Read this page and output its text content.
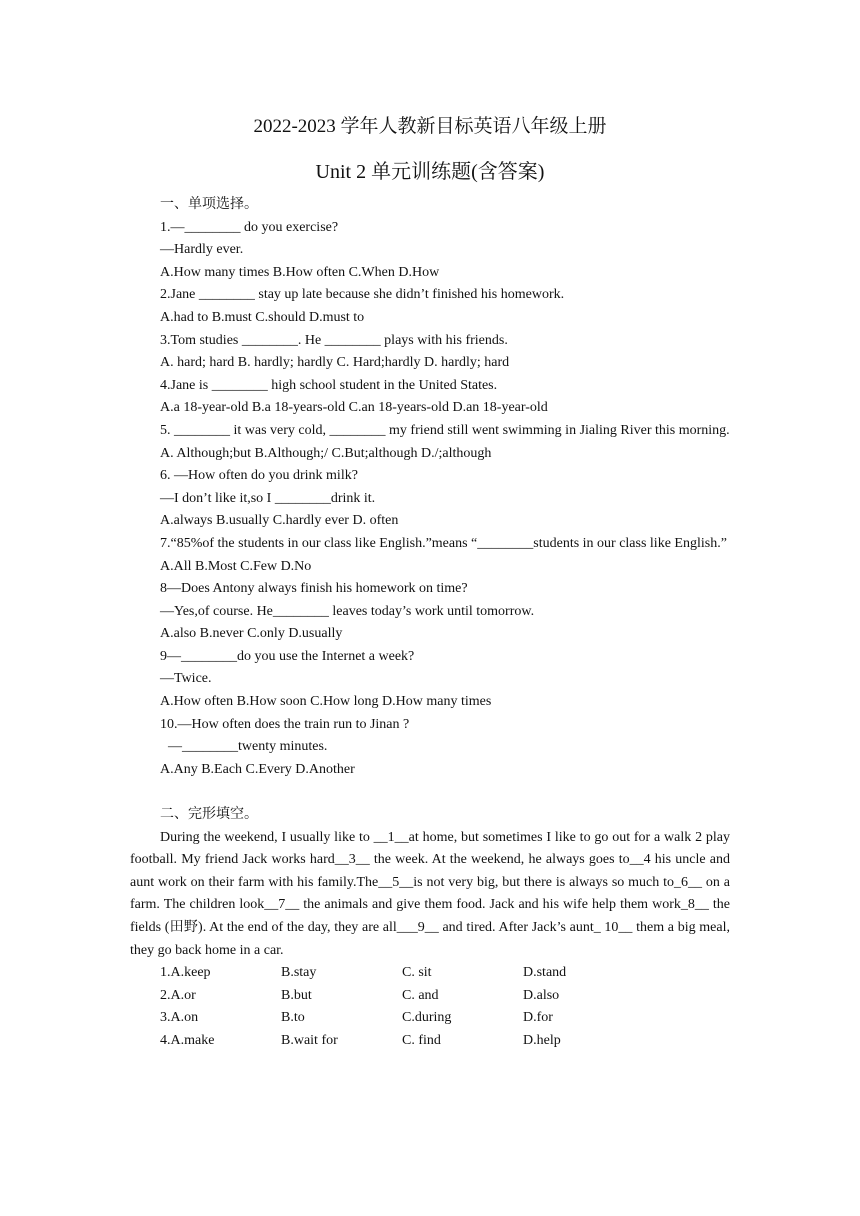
2022-2023 学年人教新目标英语八年级上册
Unit 2 单元训练题(含答案)
一、单项选择。
1.—________ do you exercise?
—Hardly ever.
A.How many times B.How often C.When D.How
2.Jane ________ stay up late because she didn’t finished his homework.
A.had to B.must C.should D.must to
3.Tom studies ________. He ________ plays with his friends.
A. hard; hard B. hardly; hardly C. Hard;hardly D. hardly; hard
4.Jane is ________ high school student in the United States.
A.a 18-year-old B.a 18-years-old C.an 18-years-old D.an 18-year-old
5. ________ it was very cold, ________ my friend still went swimming in Jialing River this morning.
A. Although;but B.Although;/ C.But;although D./;although
6. —How often do you drink milk?
—I don’t like it,so I ________drink it.
A.always B.usually C.hardly ever D. often
7.“85%of the students in our class like English.”means “________students in our class like English.”
A.All B.Most C.Few D.No
8—Does Antony always finish his homework on time?
—Yes,of course. He________ leaves today’s work until tomorrow.
A.also B.never C.only D.usually
9—________do you use the Internet a week?
—Twice.
A.How often B.How soon C.How long D.How many times
10.—How often does the train run to Jinan ?
—________twenty minutes.
A.Any B.Each C.Every D.Another
二、完形填空。
During the weekend, I usually like to __1__at home, but sometimes I like to go out for a walk 2 play football. My friend Jack works hard__3__ the week. At the weekend, he always goes to__4 his uncle and aunt work on their farm with his family.The__5__is not very big, but there is always so much to_6__ on a farm. The children look__7__ the animals and give them food. Jack and his wife help them work_8__ the fields (田野). At the end of the day, they are all___9__ and tired. After Jack’s aunt_ 10__ them a big meal, they go back home in a car.
1.A.keep	B.stay	C. sit	D.stand
2.A.or	B.but	C. and	D.also
3.A.on	B.to	C.during	D.for
4.A.make	B.wait for	C. find	D.help
